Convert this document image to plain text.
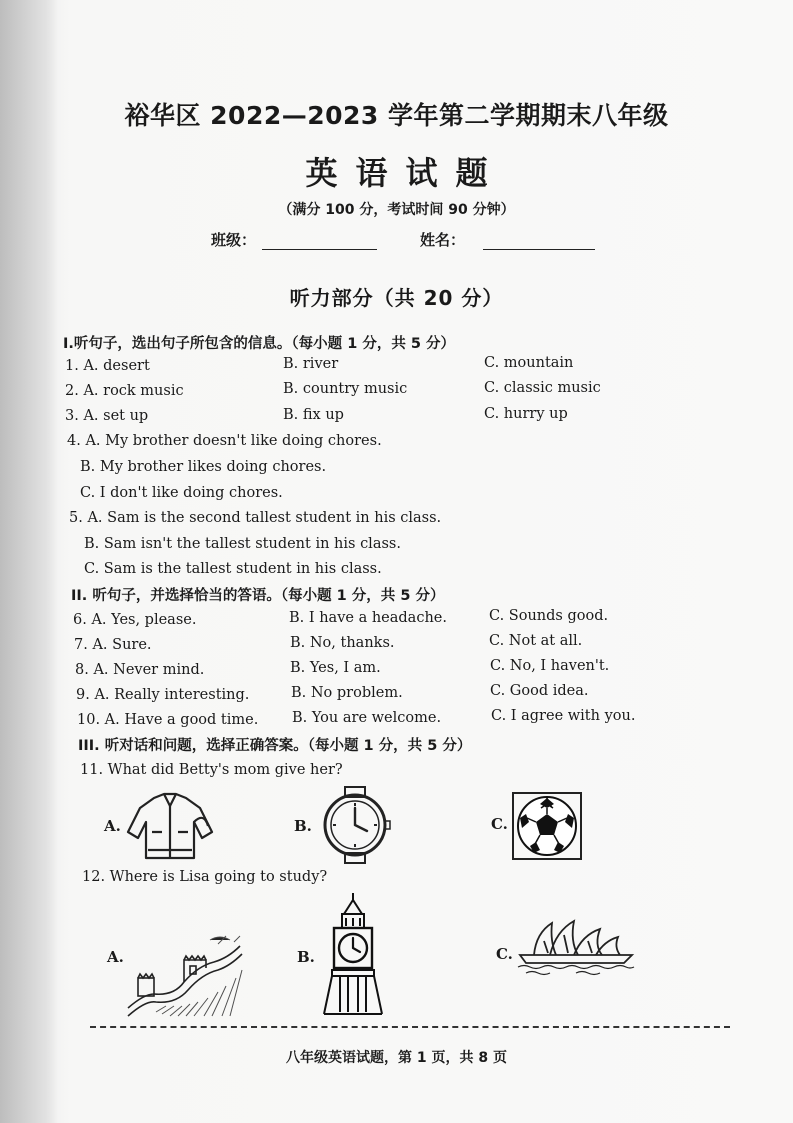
裕华区 2022—2023 学年第二学期期末八年级
英语试题
（满分 100 分，考试时间 90 分钟）
班级：	姓名：
听力部分（共 20 分）
I.听句子，选出句子所包含的信息。（每小题 1 分，共 5 分）
1. A. desert	B. river	C. mountain
2. A. rock music	B. country music	C. classic music
3. A. set up	B. fix up	C. hurry up
4. A. My brother doesn't like doing chores.
B. My brother likes doing chores.
C. I don't like doing chores.
5. A. Sam is the second tallest student in his class.
B. Sam isn't the tallest student in his class.
C. Sam is the tallest student in his class.
II. 听句子，并选择恰当的答语。（每小题 1 分，共 5 分）
6. A. Yes, please.	B. I have a headache.	C. Sounds good.
7. A. Sure.	B. No, thanks.	C. Not at all.
8. A. Never mind.	B. Yes, I am.	C. No, I haven't.
9. A. Really interesting.	B. No problem.	C. Good idea.
10. A. Have a good time. B. You are welcome.	C. I agree with you.
III. 听对话和问题，选择正确答案。（每小题 1 分，共 5 分）
11. What did Betty's mom give her?
A.	B.	C.
12. Where is Lisa going to study?
A.	B.	C.
八年级英语试题，第 1 页，共 8 页
